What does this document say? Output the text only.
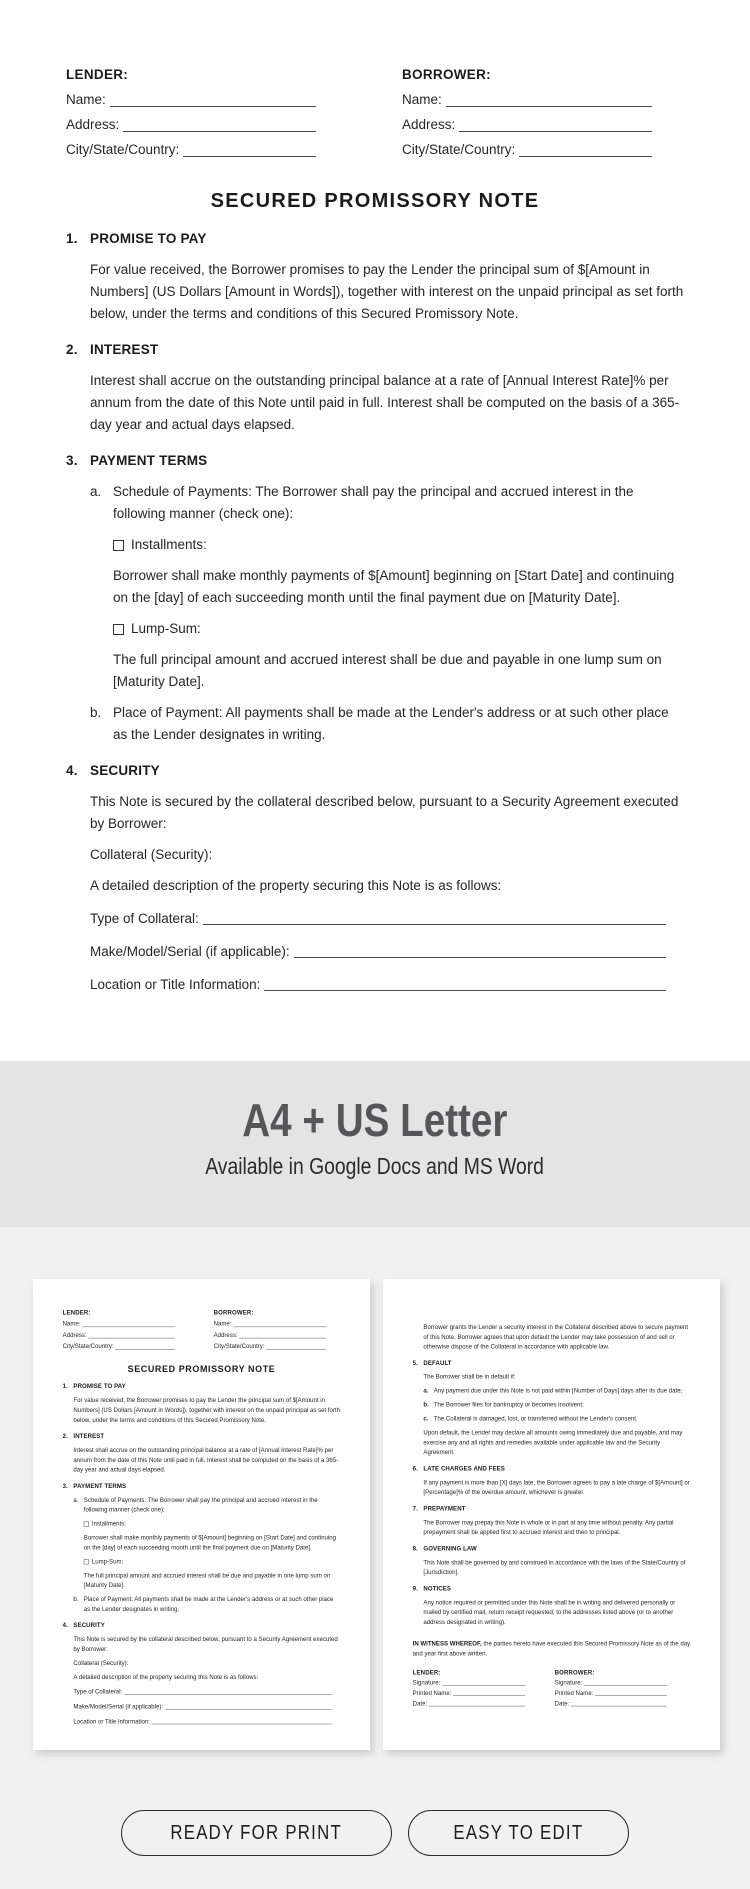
LENDER:
Name:
Address:
City/State/Country:
BORROWER:
Name:
Address:
City/State/Country:
SECURED PROMISSORY NOTE
1. PROMISE TO PAY
For value received, the Borrower promises to pay the Lender the principal sum of $[Amount in Numbers] (US Dollars [Amount in Words]), together with interest on the unpaid principal as set forth below, under the terms and conditions of this Secured Promissory Note.
2. INTEREST
Interest shall accrue on the outstanding principal balance at a rate of [Annual Interest Rate]% per annum from the date of this Note until paid in full. Interest shall be computed on the basis of a 365-day year and actual days elapsed.
3. PAYMENT TERMS
a. Schedule of Payments: The Borrower shall pay the principal and accrued interest in the following manner (check one):
Installments:
Borrower shall make monthly payments of $[Amount] beginning on [Start Date] and continuing on the [day] of each succeeding month until the final payment due on [Maturity Date].
Lump-Sum:
The full principal amount and accrued interest shall be due and payable in one lump sum on [Maturity Date].
b. Place of Payment: All payments shall be made at the Lender's address or at such other place as the Lender designates in writing.
4. SECURITY
This Note is secured by the collateral described below, pursuant to a Security Agreement executed by Borrower:
Collateral (Security):
A detailed description of the property securing this Note is as follows:
Type of Collateral:
Make/Model/Serial (if applicable):
Location or Title Information:
A4 + US Letter
Available in Google Docs and MS Word
LENDER:
Name:
Address:
City/State/Country:
BORROWER:
Name:
Address:
City/State/Country:
SECURED PROMISSORY NOTE
1. PROMISE TO PAY
For value received, the Borrower promises to pay the Lender the principal sum of $[Amount in Numbers] (US Dollars [Amount in Words]), together with interest on the unpaid principal as set forth below, under the terms and conditions of this Secured Promissory Note.
2. INTEREST
Interest shall accrue on the outstanding principal balance at a rate of [Annual Interest Rate]% per annum from the date of this Note until paid in full. Interest shall be computed on the basis of a 365-day year and actual days elapsed.
3. PAYMENT TERMS
a. Schedule of Payments: The Borrower shall pay the principal and accrued interest in the following manner (check one):
Installments:
Borrower shall make monthly payments of $[Amount] beginning on [Start Date] and continuing on the [day] of each succeeding month until the final payment due on [Maturity Date].
Lump-Sum:
The full principal amount and accrued interest shall be due and payable in one lump sum on [Maturity Date].
b. Place of Payment: All payments shall be made at the Lender's address or at such other place as the Lender designates in writing.
4. SECURITY
This Note is secured by the collateral described below, pursuant to a Security Agreement executed by Borrower:
Collateral (Security):
A detailed description of the property securing this Note is as follows:
Type of Collateral:
Make/Model/Serial (if applicable):
Location or Title Information:
Borrower grants the Lender a security interest in the Collateral described above to secure payment of this Note. Borrower agrees that upon default the Lender may take possession of and sell or otherwise dispose of the Collateral in accordance with applicable law.
5. DEFAULT
The Borrower shall be in default if:
a. Any payment due under this Note is not paid within [Number of Days] days after its due date;
b. The Borrower files for bankruptcy or becomes insolvent;
c. The Collateral is damaged, lost, or transferred without the Lender's consent.
Upon default, the Lender may declare all amounts owing immediately due and payable, and may exercise any and all rights and remedies available under applicable law and the Security Agreement.
6. LATE CHARGES AND FEES
If any payment is more than [X] days late, the Borrower agrees to pay a late charge of $[Amount] or [Percentage]% of the overdue amount, whichever is greater.
7. PREPAYMENT
The Borrower may prepay this Note in whole or in part at any time without penalty. Any partial prepayment shall be applied first to accrued interest and then to principal.
8. GOVERNING LAW
This Note shall be governed by and construed in accordance with the laws of the State/Country of [Jurisdiction].
9. NOTICES
Any notice required or permitted under this Note shall be in writing and delivered personally or mailed by certified mail, return receipt requested, to the addresses listed above (or to another address designated in writing).
IN WITNESS WHEREOF, the parties hereto have executed this Secured Promissory Note as of the day and year first above written.
LENDER:
Signature:
Printed Name:
Date:
BORROWER:
Signature:
Printed Name:
Date:
READY FOR PRINT	EASY TO EDIT
